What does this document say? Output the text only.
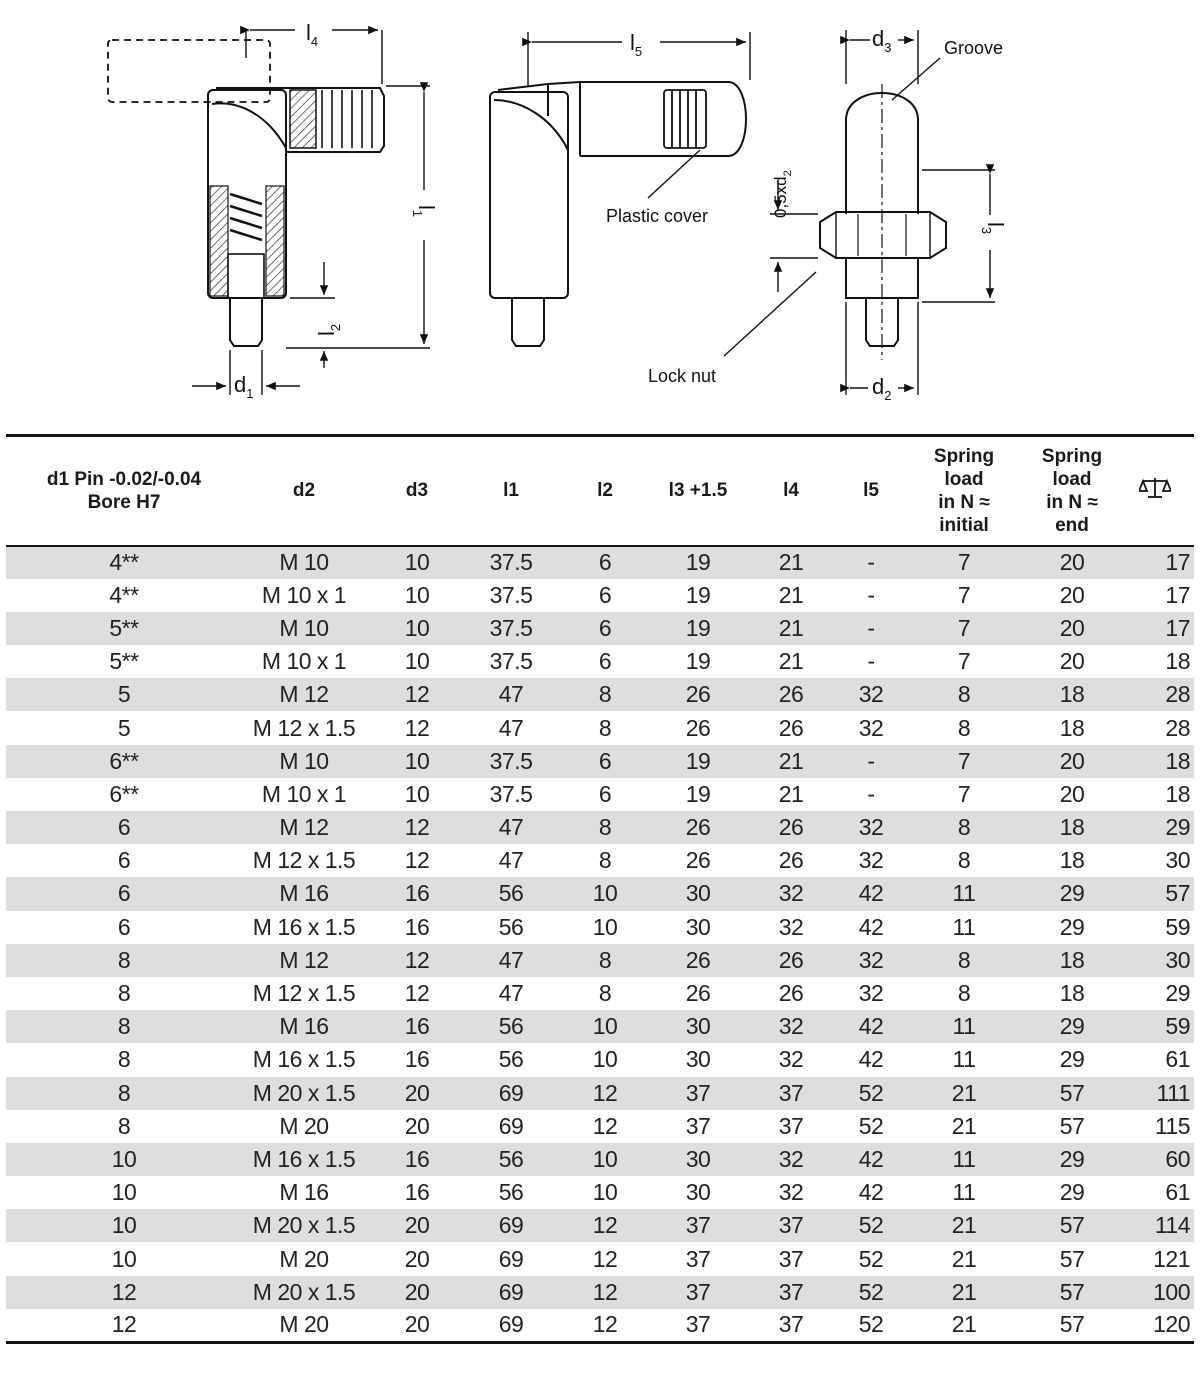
$l_4$
$l_1$
$l_2$
$d_1$
$l_5$
Plastic cover
$d_3$	Groove
$0,5xd_2$
$l_3$
$d_2$
Lock nut
d1 Pin -0.02/-0.04
Bore H7	d2	d3	l1	l2	l3 +1.5	l4	l5	Spring
load
in N ≈
initial	Spring
load
in N ≈
end	
4**	M 10	10	37.5	6	19	21	-	7	20	17
4**	M 10 x 1	10	37.5	6	19	21	-	7	20	17
5**	M 10	10	37.5	6	19	21	-	7	20	17
5**	M 10 x 1	10	37.5	6	19	21	-	7	20	18
5	M 12	12	47	8	26	26	32	8	18	28
5	M 12 x 1.5	12	47	8	26	26	32	8	18	28
6**	M 10	10	37.5	6	19	21	-	7	20	18
6**	M 10 x 1	10	37.5	6	19	21	-	7	20	18
6	M 12	12	47	8	26	26	32	8	18	29
6	M 12 x 1.5	12	47	8	26	26	32	8	18	30
6	M 16	16	56	10	30	32	42	11	29	57
6	M 16 x 1.5	16	56	10	30	32	42	11	29	59
8	M 12	12	47	8	26	26	32	8	18	30
8	M 12 x 1.5	12	47	8	26	26	32	8	18	29
8	M 16	16	56	10	30	32	42	11	29	59
8	M 16 x 1.5	16	56	10	30	32	42	11	29	61
8	M 20 x 1.5	20	69	12	37	37	52	21	57	111
8	M 20	20	69	12	37	37	52	21	57	115
10	M 16 x 1.5	16	56	10	30	32	42	11	29	60
10	M 16	16	56	10	30	32	42	11	29	61
10	M 20 x 1.5	20	69	12	37	37	52	21	57	114
10	M 20	20	69	12	37	37	52	21	57	121
12	M 20 x 1.5	20	69	12	37	37	52	21	57	100
12	M 20	20	69	12	37	37	52	21	57	120
